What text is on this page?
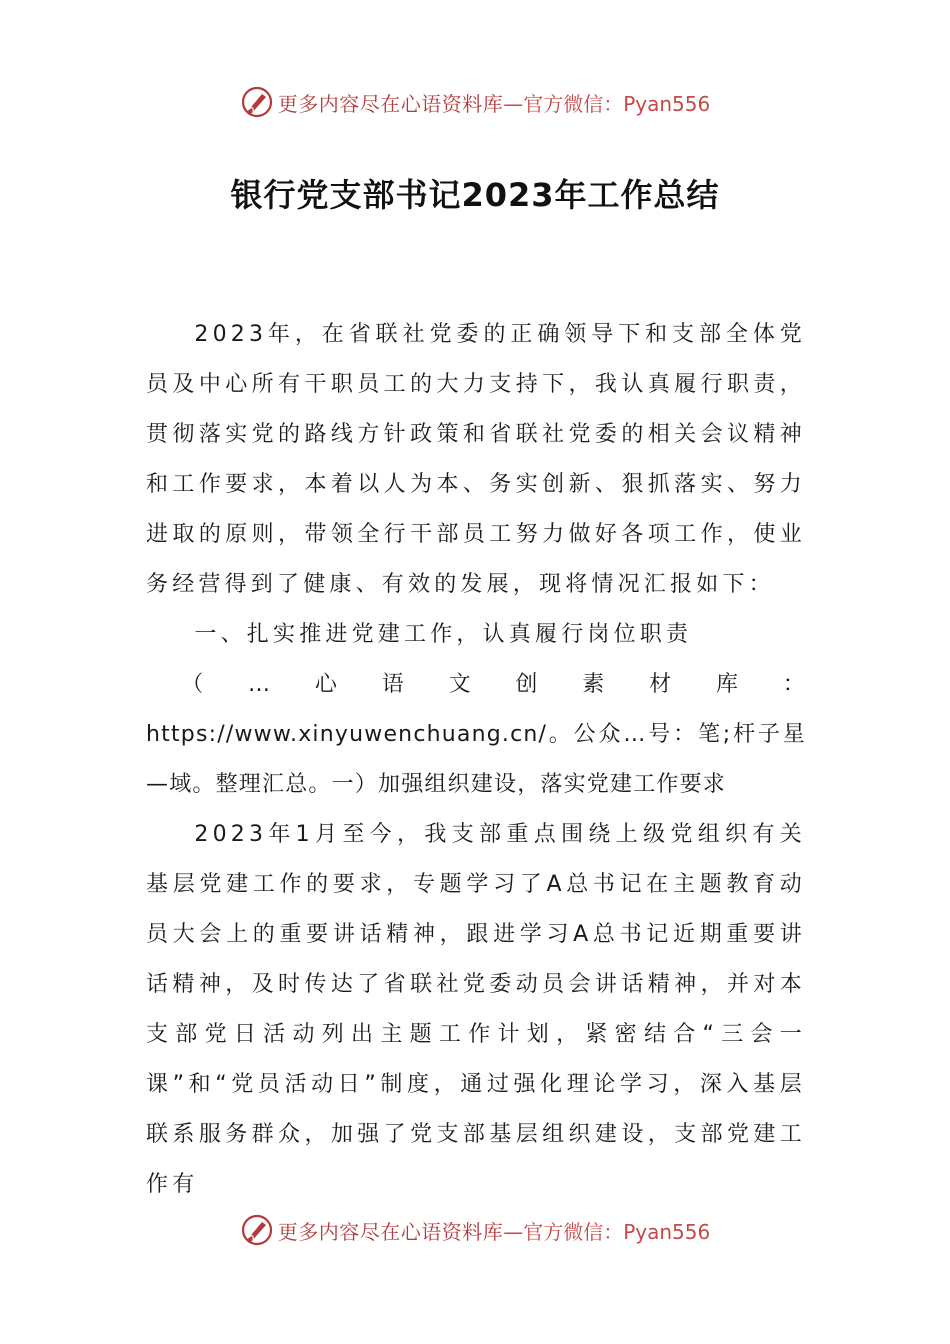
更多内容尽在心语资料库 —官方微信：Pyan556
银行党支部书记2023年工作总结

2023年，在省联社党委的正确领导下和支部全体党员及中心所有干职员工的大力支持下，我认真履行职责，贯彻落实党的路线方针政策和省联社党委的相关会议精神和工作要求，本着以人为本、务实创新、狠抓落实、努力进取的原则，带领全行干部员工努力做好各项工作，使业务经营得到了健康、有效的发展，现将情况汇报如下：

一、扎实推进党建工作，认真履行岗位职责

（…心语文创素材库：https://www.xinyuwenchuang.cn/。公众…号：笔;杆子星—域。整理汇总。一）加强组织建设，落实党建工作要求

2023年1月至今，我支部重点围绕上级党组织有关基层党建工作的要求，专题学习了A总书记在主题教育动员大会上的重要讲话精神，跟进学习A总书记近期重要讲话精神，及时传达了省联社党委动员会讲话精神，并对本支部党日活动列出主题工作计划，紧密结合“三会一课”和“党员活动日”制度，通过强化理论学习，深入基层联系服务群众，加强了党支部基层组织建设，支部党建工作有

更多内容尽在心语资料库 —官方微信：Pyan556
